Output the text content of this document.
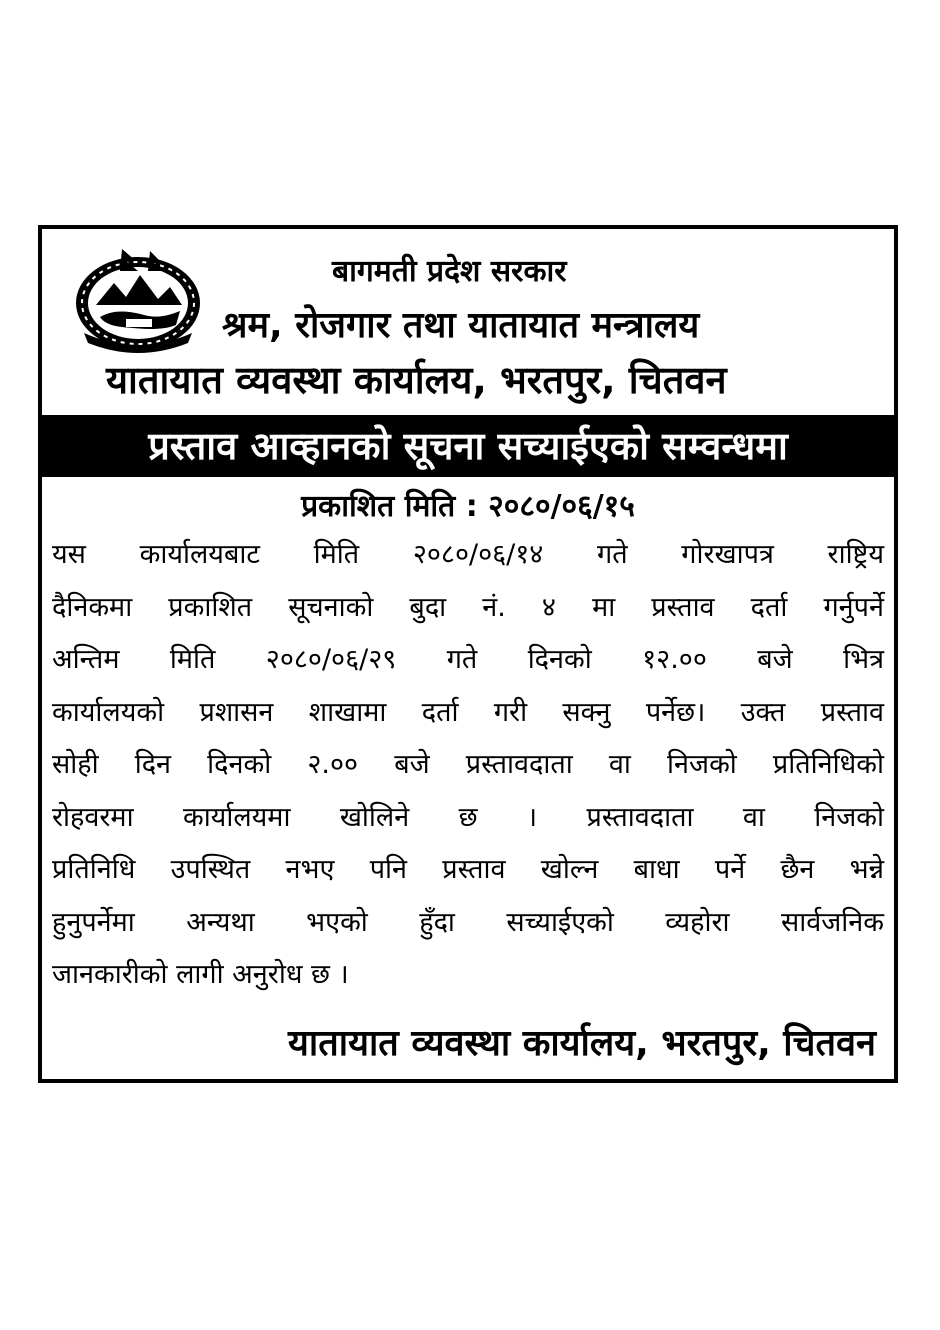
बागमती प्रदेश सरकार
श्रम, रोजगार तथा यातायात मन्त्रालय
यातायात व्यवस्था कार्यालय, भरतपुर, चितवन
प्रस्ताव आव्हानको सूचना सच्याईएको सम्वन्धमा
प्रकाशित मिति : २०८०/०६/१५
यस कार्यालयबाट मिति २०८०/०६/१४ गते गोरखापत्र राष्ट्रिय
दैनिकमा प्रकाशित सूचनाको बुदा नं. ४ मा प्रस्ताव दर्ता गर्नुपर्ने
अन्तिम मिति २०८०/०६/२९ गते दिनको १२.०० बजे भित्र
कार्यालयको प्रशासन शाखामा दर्ता गरी सक्नु पर्नेछ। उक्त प्रस्ताव
सोही दिन दिनको २.०० बजे प्रस्तावदाता वा निजको प्रतिनिधिको
रोहवरमा कार्यालयमा खोलिने छ । प्रस्तावदाता वा निजको
प्रतिनिधि उपस्थित नभए पनि प्रस्ताव खोल्न बाधा पर्ने छैन भन्ने
हुनुपर्नेमा अन्यथा भएको हुँदा सच्याईएको व्यहोरा सार्वजनिक
जानकारीको लागी अनुरोध छ ।
यातायात व्यवस्था कार्यालय, भरतपुर, चितवन
